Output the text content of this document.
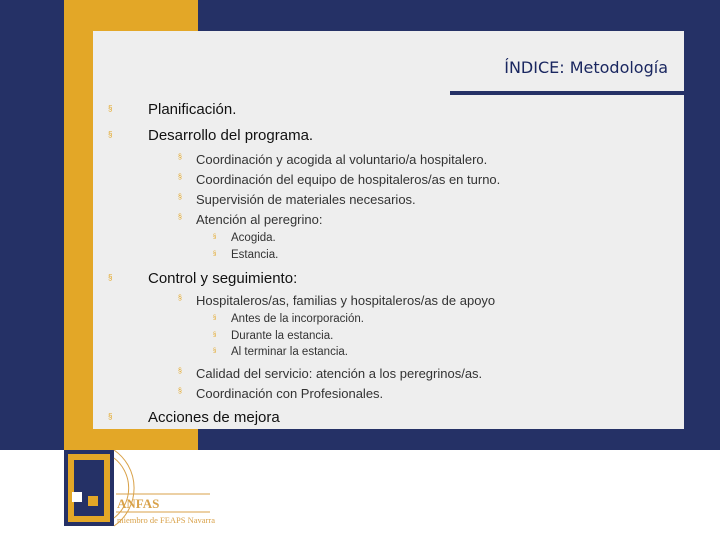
ÍNDICE: Metodología
§ Planificación.
§ Desarrollo del programa.
§ Coordinación y acogida al voluntario/a hospitalero.
§ Coordinación del equipo de hospitaleros/as en turno.
§ Supervisión de materiales necesarios.
§ Atención al peregrino:
§ Acogida.
§ Estancia.
§ Control y seguimiento:
§ Hospitaleros/as, familias y hospitaleros/as de apoyo
§ Antes de la incorporación.
§ Durante la estancia.
§ Al terminar la estancia.
§ Calidad del servicio: atención a los peregrinos/as.
§ Coordinación con Profesionales.
§ Acciones de mejora
ANFAS
miembro de FEAPS Navarra
